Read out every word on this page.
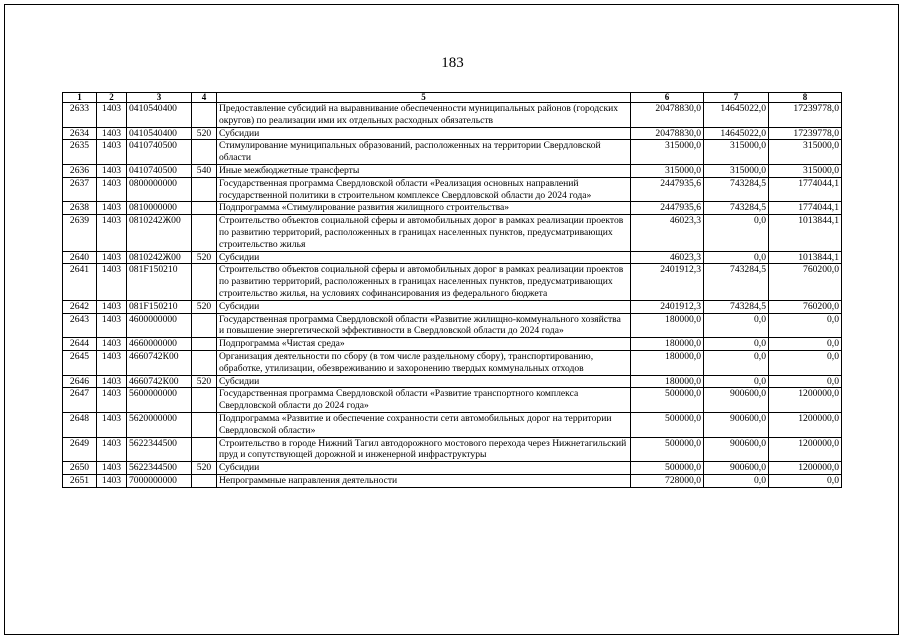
183
1	2	3	4	5	6	7	8
2633	1403	0410540400		Предоставление субсидий на выравнивание обеспеченности муниципальных районов (городских округов) по реализации ими их отдельных расходных обязательств	20478830,0	14645022,0	17239778,0
2634	1403	0410540400	520	Субсидии	20478830,0	14645022,0	17239778,0
2635	1403	0410740500		Стимулирование муниципальных образований, расположенных на территории Свердловской области	315000,0	315000,0	315000,0
2636	1403	0410740500	540	Иные межбюджетные трансферты	315000,0	315000,0	315000,0
2637	1403	0800000000		Государственная программа Свердловской области «Реализация основных направлений государственной политики в строительном комплексе Свердловской области до 2024 года»	2447935,6	743284,5	1774044,1
2638	1403	0810000000		Подпрограмма «Стимулирование развития жилищного строительства»	2447935,6	743284,5	1774044,1
2639	1403	0810242Ж00		Строительство объектов социальной сферы и автомобильных дорог в рамках реализации проектов по развитию территорий, расположенных в границах населенных пунктов, предусматривающих строительство жилья	46023,3	0,0	1013844,1
2640	1403	0810242Ж00	520	Субсидии	46023,3	0,0	1013844,1
2641	1403	081F150210		Строительство объектов социальной сферы и автомобильных дорог в рамках реализации проектов по развитию территорий, расположенных в границах населенных пунктов, предусматривающих строительство жилья, на условиях софинансирования из федерального бюджета	2401912,3	743284,5	760200,0
2642	1403	081F150210	520	Субсидии	2401912,3	743284,5	760200,0
2643	1403	4600000000		Государственная программа Свердловской области «Развитие жилищно-коммунального хозяйства и повышение энергетической эффективности в Свердловской области до 2024 года»	180000,0	0,0	0,0
2644	1403	4660000000		Подпрограмма «Чистая среда»	180000,0	0,0	0,0
2645	1403	4660742К00		Организация деятельности по сбору (в том числе раздельному сбору), транспортированию, обработке, утилизации, обезвреживанию и захоронению твердых коммунальных отходов	180000,0	0,0	0,0
2646	1403	4660742К00	520	Субсидии	180000,0	0,0	0,0
2647	1403	5600000000		Государственная программа Свердловской области «Развитие транспортного комплекса Свердловской области до 2024 года»	500000,0	900600,0	1200000,0
2648	1403	5620000000		Подпрограмма «Развитие и обеспечение сохранности сети автомобильных дорог на территории Свердловской области»	500000,0	900600,0	1200000,0
2649	1403	5622344500		Строительство в городе Нижний Тагил автодорожного мостового перехода через Нижнетагильский пруд и сопутствующей дорожной и инженерной инфраструктуры	500000,0	900600,0	1200000,0
2650	1403	5622344500	520	Субсидии	500000,0	900600,0	1200000,0
2651	1403	7000000000		Непрограммные направления деятельности	728000,0	0,0	0,0
